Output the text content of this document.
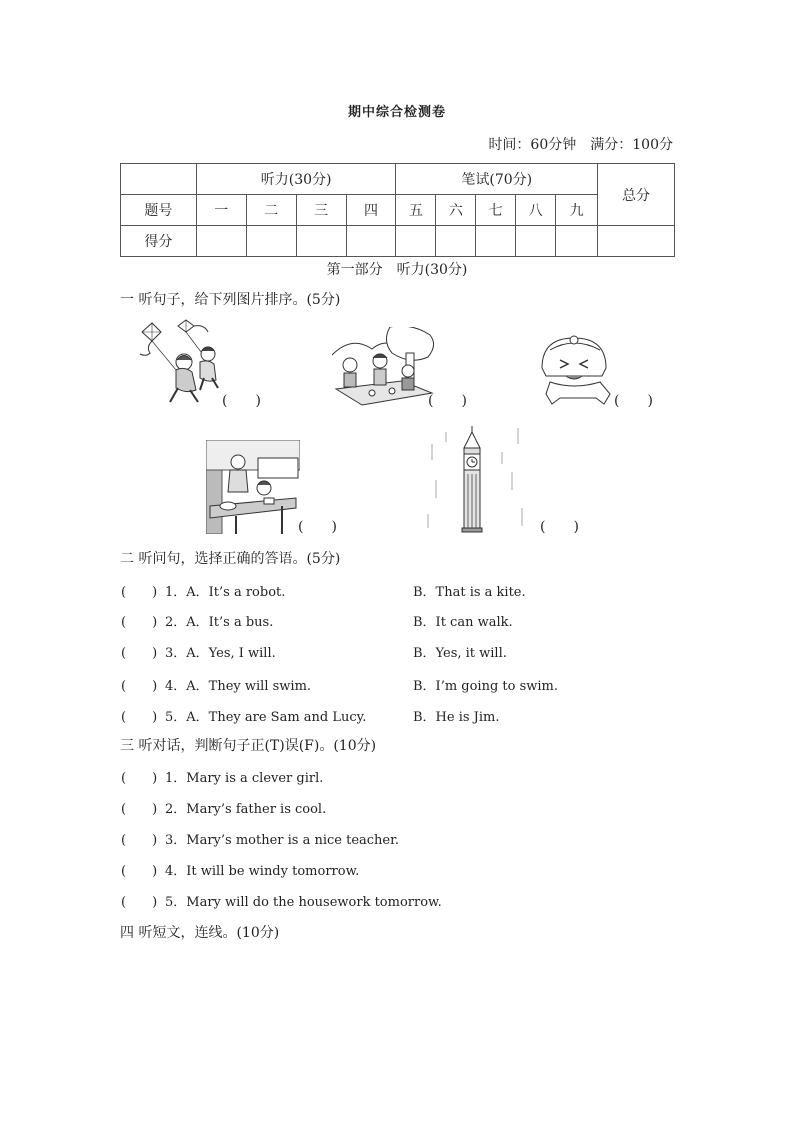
期中综合检测卷
时间：60分钟　 满分：100分
	听力(30分)				笔试(70分)					总分
题号	一	二	三	四	五	六	七	八	九	
得分										
第一部分　听力(30分)
一 听句子，给下列图片排序。(5分)
(　　)	(　　)	(　　)
(　　)	(　　)
二 听问句，选择正确的答语。(5分)
(　　) 1．A．It’s a robot.	B．That is a kite.
(　　) 2．A．It’s a bus.	B．It can walk.
(　　) 3．A．Yes, I will.	B．Yes, it will.
(　　) 4．A．They will swim.	B．I’m going to swim.
(　　) 5．A．They are Sam and Lucy.	B．He is Jim.
三 听对话，判断句子正(T)误(F)。(10分)
(　　) 1．Mary is a clever girl.
(　　) 2．Mary’s father is cool.
(　　) 3．Mary’s mother is a nice teacher.
(　　) 4．It will be windy tomorrow.
(　　) 5．Mary will do the housework tomorrow.
四 听短文，连线。(10分)
